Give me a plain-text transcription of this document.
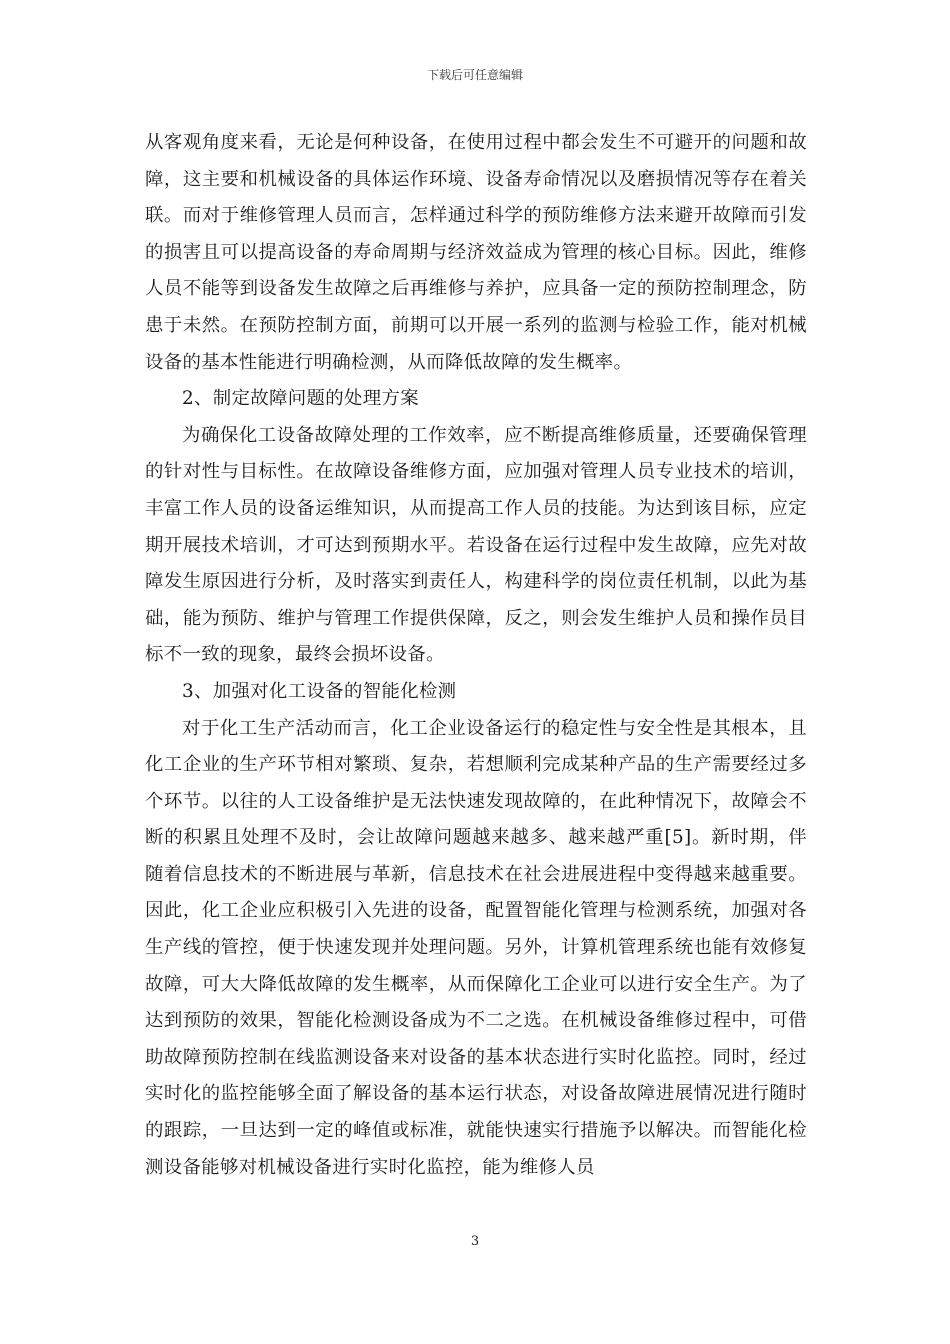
下载后可任意编辑

从客观角度来看，无论是何种设备，在使用过程中都会发生不可避开的问题和故障，这主要和机械设备的具体运作环境、设备寿命情况以及磨损情况等存在着关联。而对于维修管理人员而言，怎样通过科学的预防维修方法来避开故障而引发的损害且可以提高设备的寿命周期与经济效益成为管理的核心目标。因此，维修人员不能等到设备发生故障之后再维修与养护，应具备一定的预防控制理念，防患于未然。在预防控制方面，前期可以开展一系列的监测与检验工作，能对机械设备的基本性能进行明确检测，从而降低故障的发生概率。

2、制定故障问题的处理方案

为确保化工设备故障处理的工作效率，应不断提高维修质量，还要确保管理的针对性与目标性。在故障设备维修方面，应加强对管理人员专业技术的培训，丰富工作人员的设备运维知识，从而提高工作人员的技能。为达到该目标，应定期开展技术培训，才可达到预期水平。若设备在运行过程中发生故障，应先对故障发生原因进行分析，及时落实到责任人，构建科学的岗位责任机制，以此为基础，能为预防、维护与管理工作提供保障，反之，则会发生维护人员和操作员目标不一致的现象，最终会损坏设备。

3、加强对化工设备的智能化检测

对于化工生产活动而言，化工企业设备运行的稳定性与安全性是其根本，且化工企业的生产环节相对繁琐、复杂，若想顺利完成某种产品的生产需要经过多个环节。以往的人工设备维护是无法快速发现故障的，在此种情况下，故障会不断的积累且处理不及时，会让故障问题越来越多、越来越严重[5]。新时期，伴随着信息技术的不断进展与革新，信息技术在社会进展进程中变得越来越重要。因此，化工企业应积极引入先进的设备，配置智能化管理与检测系统，加强对各生产线的管控，便于快速发现并处理问题。另外，计算机管理系统也能有效修复故障，可大大降低故障的发生概率，从而保障化工企业可以进行安全生产。为了达到预防的效果，智能化检测设备成为不二之选。在机械设备维修过程中，可借助故障预防控制在线监测设备来对设备的基本状态进行实时化监控。同时，经过实时化的监控能够全面了解设备的基本运行状态，对设备故障进展情况进行随时的跟踪，一旦达到一定的峰值或标准，就能快速实行措施予以解决。而智能化检测设备能够对机械设备进行实时化监控，能为维修人员

3
